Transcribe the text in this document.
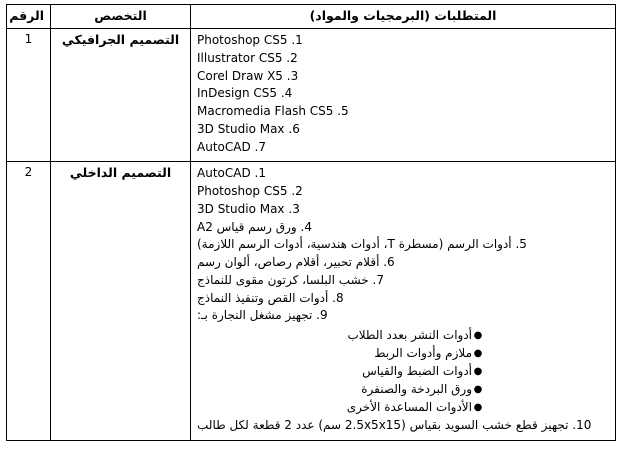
المتطلبات (البرمجيات والمواد)	التخصص	الرقم

1. Photoshop CS5
2. Illustrator CS5
3. Corel Draw X5
4. InDesign CS5
5. Macromedia Flash CS5
6. 3D Studio Max
7. AutoCAD
	التصميم الجرافيكي	1

1. AutoCAD
2. Photoshop CS5
3. 3D Studio Max
4. ورق رسم قياس A2
5. أدوات الرسم (مسطرة T، أدوات هندسية، أدوات الرسم اللازمة)
6. أقلام تحبير، أقلام رصاص، ألوان رسم
7. خشب البلسا، كرتون مقوى للنماذج
8. أدوات القص وتنفيذ النماذج
9. تجهيز مشغل النجارة بـ:
●أدوات النشر بعدد الطلاب
●ملازم وأدوات الربط
●أدوات الضبط والقياس
●ورق البردخة والصنفرة
●الأدوات المساعدة الأخرى
10. تجهيز قطع خشب السويد بقياس (2.5x5x15 سم) عدد 2 قطعة لكل طالب
	التصميم الداخلي	2
